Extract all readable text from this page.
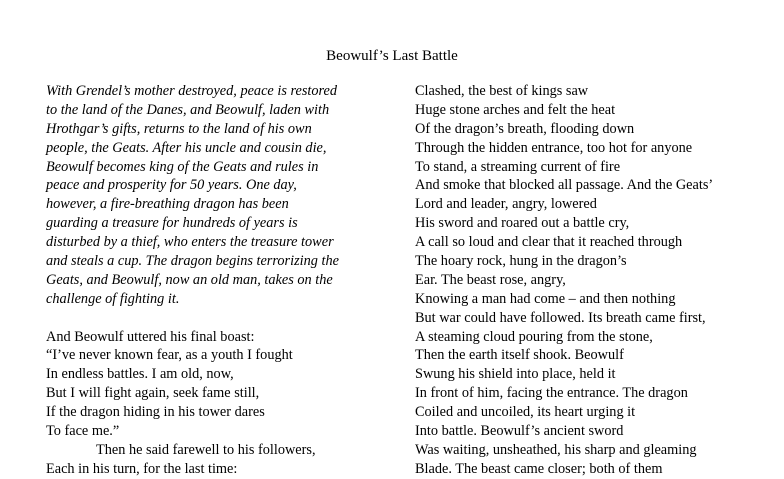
Beowulf’s Last Battle
With Grendel’s mother destroyed, peace is restored
to the land of the Danes, and Beowulf, laden with
Hrothgar’s gifts, returns to the land of his own
people, the Geats. After his uncle and cousin die,
Beowulf becomes king of the Geats and rules in
peace and prosperity for 50 years. One day,
however, a fire-breathing dragon has been
guarding a treasure for hundreds of years is
disturbed by a thief, who enters the treasure tower
and steals a cup. The dragon begins terrorizing the
Geats, and Beowulf, now an old man, takes on the
challenge of fighting it.
And Beowulf uttered his final boast:
“I’ve never known fear, as a youth I fought
In endless battles. I am old, now,
But I will fight again, seek fame still,
If the dragon hiding in his tower dares
To face me.”
Then he said farewell to his followers,
Each in his turn, for the last time:
Clashed, the best of kings saw
Huge stone arches and felt the heat
Of the dragon’s breath, flooding down
Through the hidden entrance, too hot for anyone
To stand, a streaming current of fire
And smoke that blocked all passage. And the Geats’
Lord and leader, angry, lowered
His sword and roared out a battle cry,
A call so loud and clear that it reached through
The hoary rock, hung in the dragon’s
Ear. The beast rose, angry,
Knowing a man had come – and then nothing
But war could have followed. Its breath came first,
A steaming cloud pouring from the stone,
Then the earth itself shook. Beowulf
Swung his shield into place, held it
In front of him, facing the entrance. The dragon
Coiled and uncoiled, its heart urging it
Into battle. Beowulf’s ancient sword
Was waiting, unsheathed, his sharp and gleaming
Blade. The beast came closer; both of them
